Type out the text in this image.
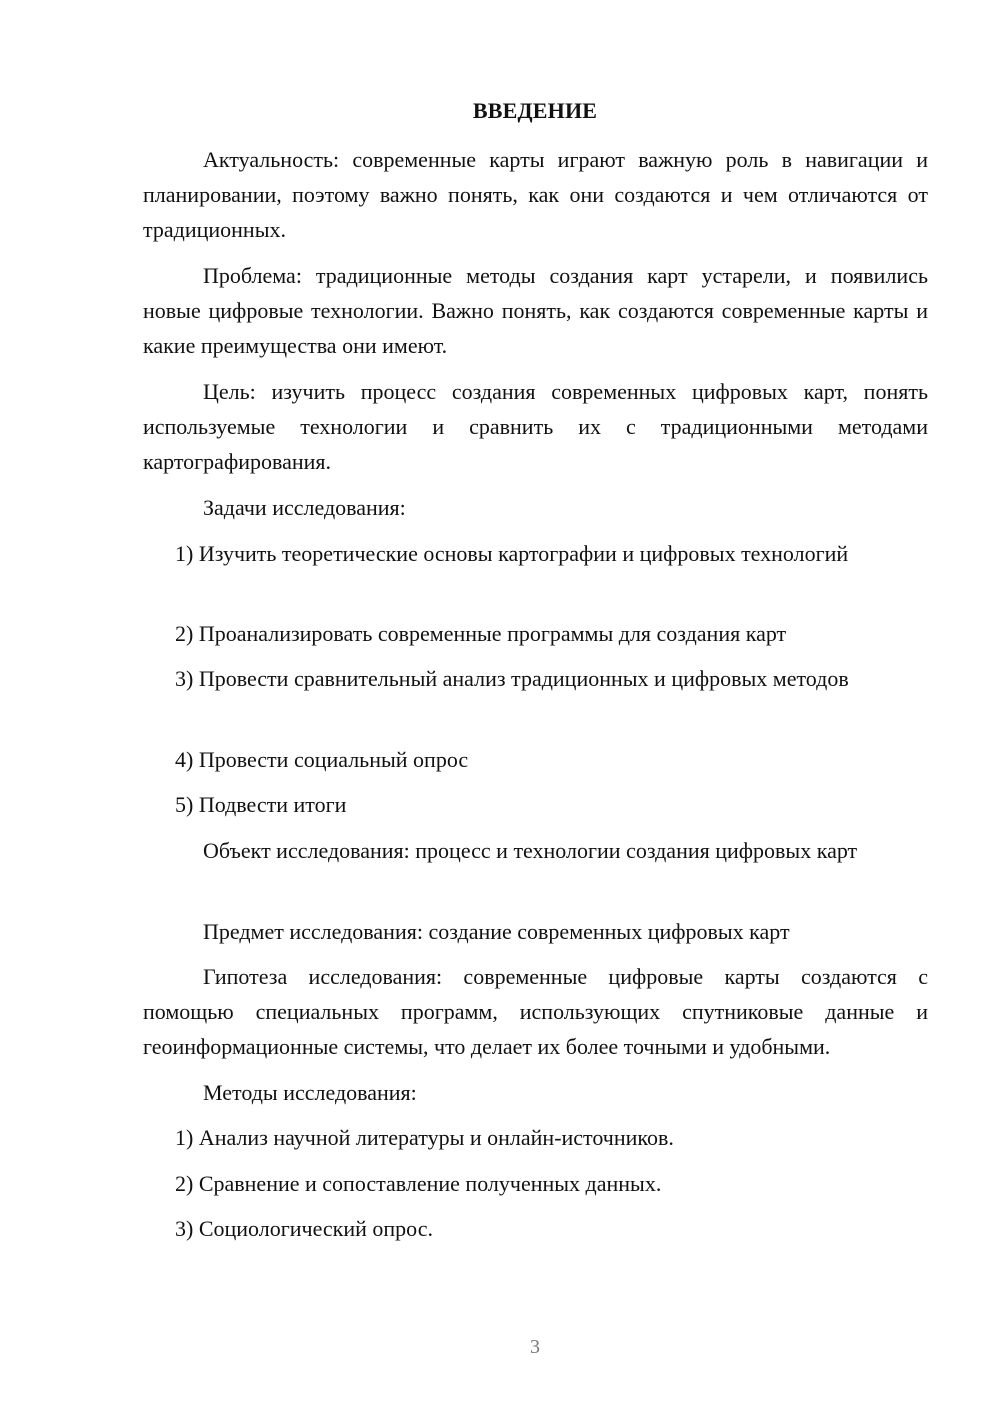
ВВЕДЕНИЕ

Актуальность: современные карты играют важную роль в навигации и планировании, поэтому важно понять, как они создаются и чем отличаются от традиционных.

Проблема: традиционные методы создания карт устарели, и появились новые цифровые технологии. Важно понять, как создаются современные карты и какие преимущества они имеют.

Цель: изучить процесс создания современных цифровых карт, понять используемые технологии и сравнить их с традиционными методами картографирования.

Задачи исследования:

1) Изучить теоретические основы картографии и цифровых технологий

2) Проанализировать современные программы для создания карт

3) Провести сравнительный анализ традиционных и цифровых методов

4) Провести социальный опрос

5) Подвести итоги

Объект исследования: процесс и технологии создания цифровых карт

Предмет исследования: создание современных цифровых карт

Гипотеза исследования: современные цифровые карты создаются с помощью специальных программ, использующих спутниковые данные и геоинформационные системы, что делает их более точными и удобными.

Методы исследования:

1) Анализ научной литературы и онлайн-источников.

2) Сравнение и сопоставление полученных данных.

3) Социологический опрос.

3
